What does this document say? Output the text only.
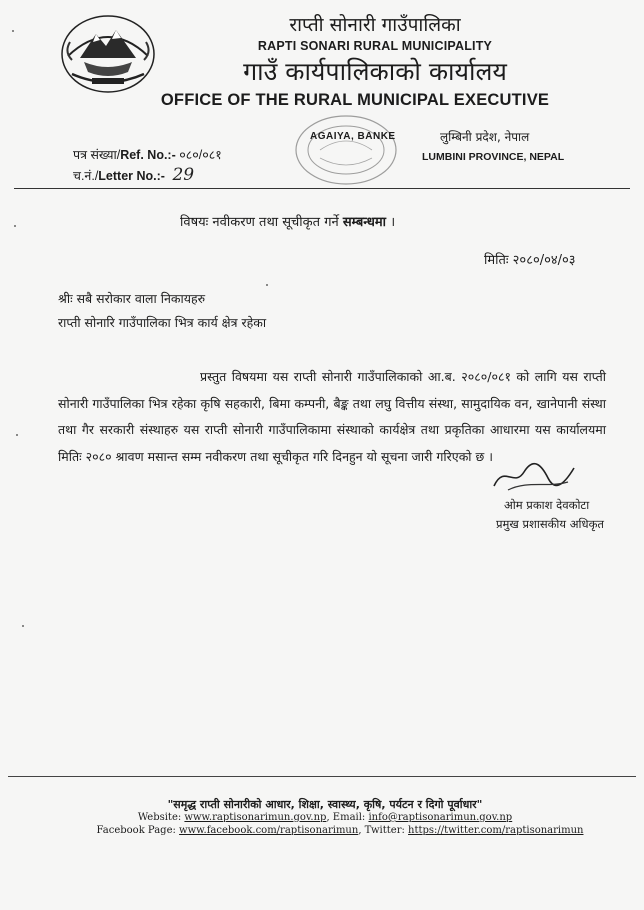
राप्ती सोनारी गाउँपालिका
RAPTI SONARI RURAL MUNICIPALITY
गाउँ कार्यपालिकाको कार्यालय
OFFICE OF THE RURAL MUNICIPAL EXECUTIVE
AGAIYA, BANKE	लुम्बिनी प्रदेश, नेपाल
LUMBINI PROVINCE, NEPAL
पत्र संख्या/Ref. No.:- ०८०/०८१
च.नं./Letter No.:- 29
विषयः नवीकरण तथा सूचीकृत गर्ने सम्बन्धमा ।
मितिः २०८०/०४/०३
श्रीः सबै सरोकार वाला निकायहरु
राप्ती सोनारि गाउँपालिका भित्र कार्य क्षेत्र रहेका
प्रस्तुत विषयमा यस राप्ती सोनारी गाउँपालिकाको आ.ब. २०८०/०८१ को लागि यस राप्ती सोनारी गाउँपालिका भित्र रहेका कृषि सहकारी, बिमा कम्पनी, बैङ्क तथा लघु वित्तीय संस्था, सामुदायिक वन, खानेपानी संस्था तथा गैर सरकारी संस्थाहरु यस राप्ती सोनारी गाउँपालिकामा संस्थाको कार्यक्षेत्र तथा प्रकृतिका आधारमा यस कार्यालयमा मितिः २०८० श्रावण मसान्त सम्म नवीकरण तथा सूचीकृत गरि दिनहुन यो सूचना जारी गरिएको छ ।
ओम प्रकाश देवकोटा
प्रमुख प्रशासकीय अधिकृत
"समृद्ध राप्ती सोनारीको आधार, शिक्षा, स्वास्थ्य, कृषि, पर्यटन र दिगो पूर्वाधार"
Website: www.raptisonarimun.gov.np, Email: info@raptisonarimun.gov.np
Facebook Page: www.facebook.com/raptisonarimun, Twitter: https://twitter.com/raptisonarimun
